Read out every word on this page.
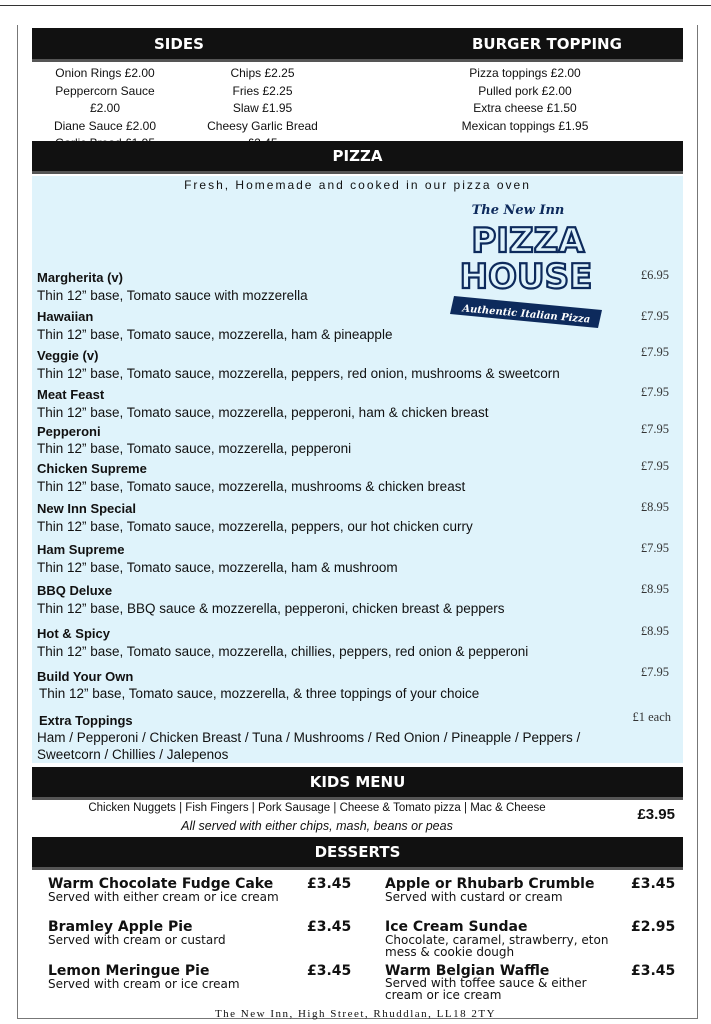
SIDES	BURGER TOPPING
Onion Rings £2.00
Peppercorn Sauce £2.00
Diane Sauce £2.00
Chips £2.25
Fries £2.25
Slaw £1.95
Cheesy Garlic Bread
Pizza toppings £2.00
Pulled pork £2.00
Extra cheese £1.50
Mexican toppings £1.95
PIZZA
Fresh, Homemade and cooked in our pizza oven
The New Inn
PIZZA
HOUSE
Authentic Italian Pizza
Margherita (v)
Thin 12” base, Tomato sauce with mozzerella
£6.95
Hawaiian
Thin 12” base, Tomato sauce, mozzerella, ham & pineapple
£7.95
Veggie (v)
Thin 12” base, Tomato sauce, mozzerella, peppers, red onion, mushrooms & sweetcorn
£7.95
Meat Feast
Thin 12” base, Tomato sauce, mozzerella, pepperoni, ham & chicken breast
£7.95
Pepperoni
Thin 12” base, Tomato sauce, mozzerella, pepperoni
£7.95
Chicken Supreme
Thin 12” base, Tomato sauce, mozzerella, mushrooms & chicken breast
£7.95
New Inn Special
Thin 12” base, Tomato sauce, mozzerella, peppers, our hot chicken curry
£8.95
Ham Supreme
Thin 12” base, Tomato sauce, mozzerella, ham & mushroom
£7.95
BBQ Deluxe
Thin 12” base, BBQ sauce & mozzerella, pepperoni, chicken breast & peppers
£8.95
Hot & Spicy
Thin 12” base, Tomato sauce, mozzerella, chillies, peppers, red onion & pepperoni
£8.95
Build Your Own
Thin 12” base, Tomato sauce, mozzerella, & three toppings of your choice
£7.95
Extra Toppings	£1 each
Ham / Pepperoni / Chicken Breast / Tuna / Mushrooms / Red Onion / Pineapple / Peppers /
Sweetcorn / Chillies / Jalepenos
KIDS MENU
Chicken Nuggets | Fish Fingers | Pork Sausage | Cheese & Tomato pizza | Mac & Cheese
All served with either chips, mash, beans or peas
£3.95
DESSERTS
Warm Chocolate Fudge Cake
Served with either cream or ice cream
£3.45
Bramley Apple Pie
Served with cream or custard
£3.45
Lemon Meringue Pie
Served with cream or ice cream
£3.45
Apple or Rhubarb Crumble
Served with custard or cream
£3.45
Ice Cream Sundae
Chocolate, caramel, strawberry, eton
mess & cookie dough
£2.95
Warm Belgian Waffle
Served with toffee sauce & either
cream or ice cream
£3.45
The New Inn, High Street, Rhuddlan, LL18 2TY
